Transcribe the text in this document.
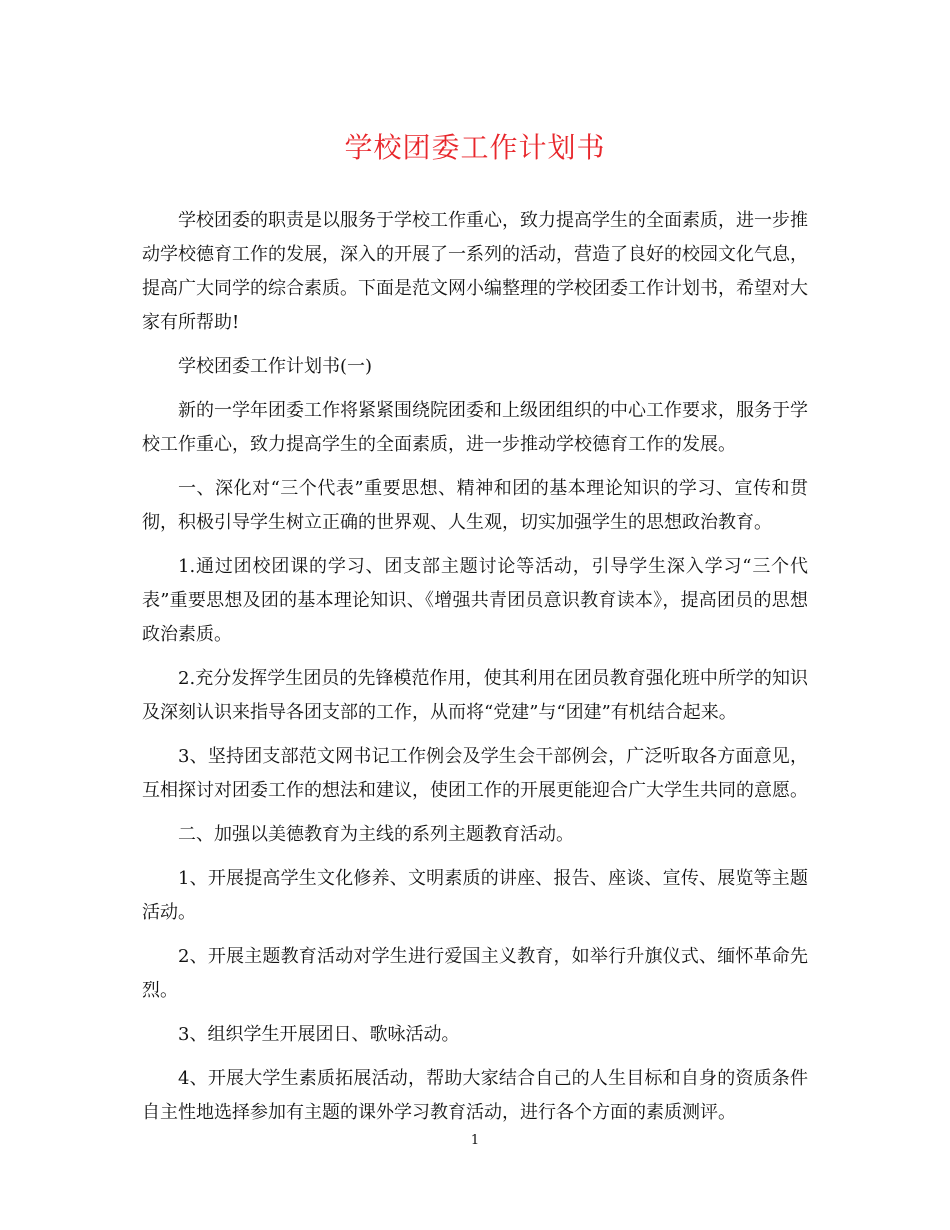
学校团委工作计划书

学校团委的职责是以服务于学校工作重心，致力提高学生的全面素质，进一步推动学校德育工作的发展，深入的开展了一系列的活动，营造了良好的校园文化气息，提高广大同学的综合素质。下面是范文网小编整理的学校团委工作计划书，希望对大家有所帮助!

学校团委工作计划书(一)

新的一学年团委工作将紧紧围绕院团委和上级团组织的中心工作要求，服务于学校工作重心，致力提高学生的全面素质，进一步推动学校德育工作的发展。

一、深化对“三个代表”重要思想、精神和团的基本理论知识的学习、宣传和贯彻，积极引导学生树立正确的世界观、人生观，切实加强学生的思想政治教育。

1.通过团校团课的学习、团支部主题讨论等活动，引导学生深入学习“三个代表”重要思想及团的基本理论知识、《增强共青团员意识教育读本》，提高团员的思想政治素质。

2.充分发挥学生团员的先锋模范作用，使其利用在团员教育强化班中所学的知识及深刻认识来指导各团支部的工作，从而将“党建”与“团建”有机结合起来。

3、坚持团支部范文网书记工作例会及学生会干部例会，广泛听取各方面意见，互相探讨对团委工作的想法和建议，使团工作的开展更能迎合广大学生共同的意愿。

二、加强以美德教育为主线的系列主题教育活动。

1、开展提高学生文化修养、文明素质的讲座、报告、座谈、宣传、展览等主题活动。

2、开展主题教育活动对学生进行爱国主义教育，如举行升旗仪式、缅怀革命先烈。

3、组织学生开展团日、歌咏活动。

4、开展大学生素质拓展活动，帮助大家结合自己的人生目标和自身的资质条件自主性地选择参加有主题的课外学习教育活动，进行各个方面的素质测评。

1
